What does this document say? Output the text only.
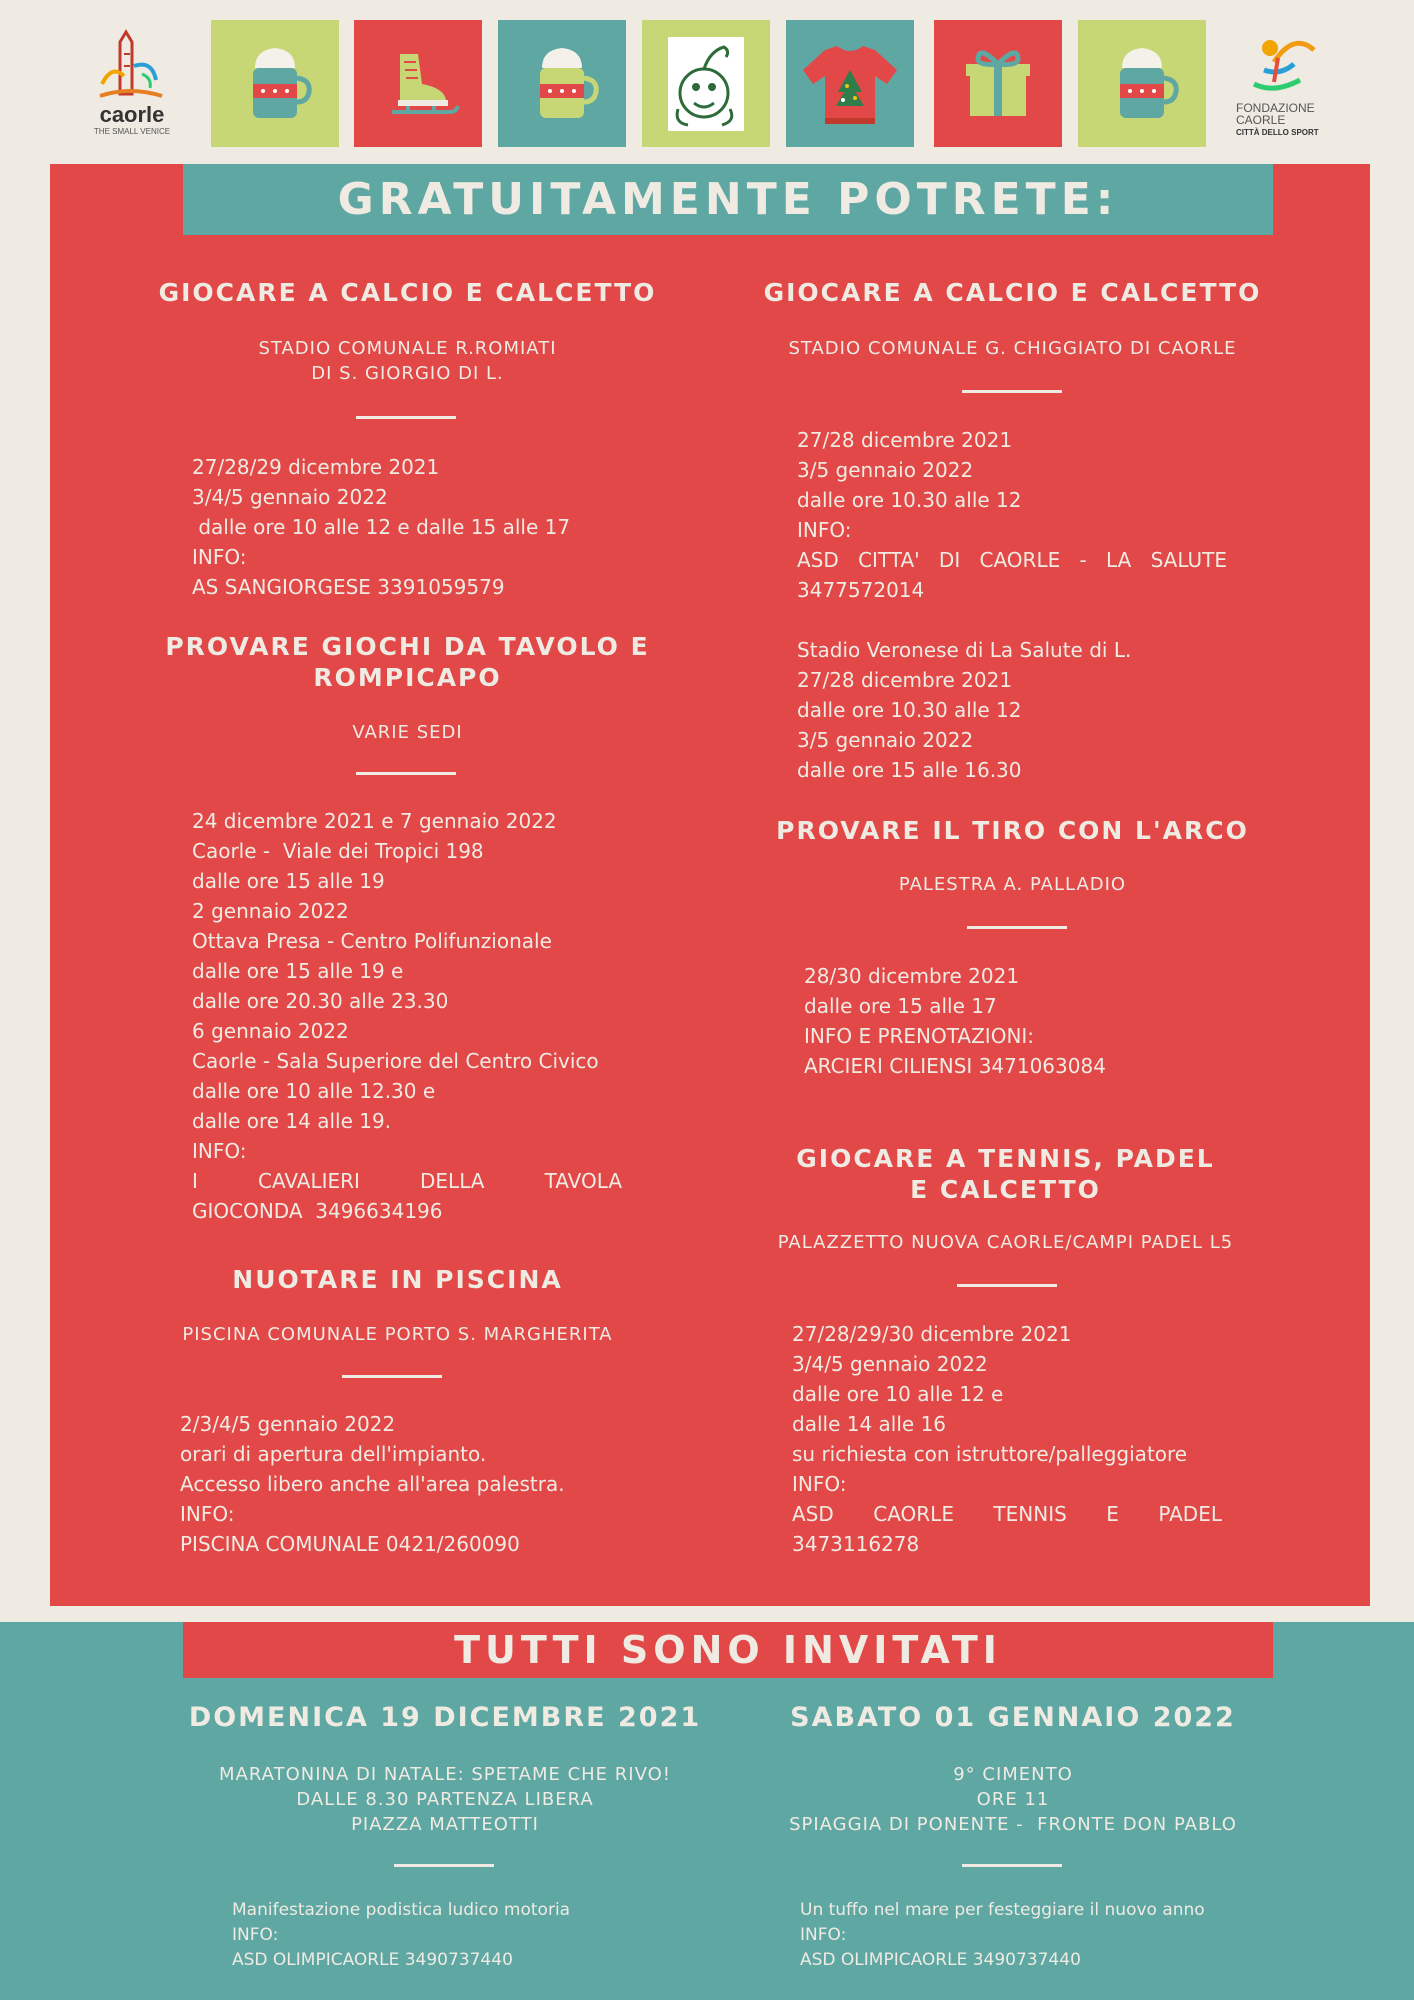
caorle
THE SMALL VENICE
FONDAZIONE
CAORLE
CITTÀ DELLO SPORT
GRATUITAMENTE POTRETE:
GIOCARE A CALCIO E CALCETTO
STADIO COMUNALE R.ROMIATI
DI S. GIORGIO DI L.
27/28/29 dicembre 2021
3/4/5 gennaio 2022
dalle ore 10 alle 12 e dalle 15 alle 17
INFO:
AS SANGIORGESE 3391059579
PROVARE GIOCHI DA TAVOLO E
ROMPICAPO
VARIE SEDI
24 dicembre 2021 e 7 gennaio 2022
Caorle -  Viale dei Tropici 198
dalle ore 15 alle 19
2 gennaio 2022
Ottava Presa - Centro Polifunzionale
dalle ore 15 alle 19 e
dalle ore 20.30 alle 23.30
6 gennaio 2022
Caorle - Sala Superiore del Centro Civico
dalle ore 10 alle 12.30 e
dalle ore 14 alle 19.
INFO:
I CAVALIERI DELLA TAVOLA
GIOCONDA  3496634196
NUOTARE IN PISCINA
PISCINA COMUNALE PORTO S. MARGHERITA
2/3/4/5 gennaio 2022
orari di apertura dell'impianto.
Accesso libero anche all'area palestra.
INFO:
PISCINA COMUNALE 0421/260090
GIOCARE A CALCIO E CALCETTO
STADIO COMUNALE G. CHIGGIATO DI CAORLE
27/28 dicembre 2021
3/5 gennaio 2022
dalle ore 10.30 alle 12
INFO:
ASD CITTA' DI CAORLE - LA SALUTE
3477572014
Stadio Veronese di La Salute di L.
27/28 dicembre 2021
dalle ore 10.30 alle 12
3/5 gennaio 2022
dalle ore 15 alle 16.30
PROVARE IL TIRO CON L'ARCO
PALESTRA A. PALLADIO
28/30 dicembre 2021
dalle ore 15 alle 17
INFO E PRENOTAZIONI:
ARCIERI CILIENSI 3471063084
GIOCARE A TENNIS, PADEL
E CALCETTO
PALAZZETTO NUOVA CAORLE/CAMPI PADEL L5
27/28/29/30 dicembre 2021
3/4/5 gennaio 2022
dalle ore 10 alle 12 e
dalle 14 alle 16
su richiesta con istruttore/palleggiatore
INFO:
ASD CAORLE TENNIS E PADEL
3473116278
TUTTI SONO INVITATI
DOMENICA 19 DICEMBRE 2021
MARATONINA DI NATALE: SPETAME CHE RIVO!
DALLE 8.30 PARTENZA LIBERA
PIAZZA MATTEOTTI
Manifestazione podistica ludico motoria
INFO:
ASD OLIMPICAORLE 3490737440
SABATO 01 GENNAIO 2022
9° CIMENTO
ORE 11
SPIAGGIA DI PONENTE -  FRONTE DON PABLO
Un tuffo nel mare per festeggiare il nuovo anno
INFO:
ASD OLIMPICAORLE 3490737440
